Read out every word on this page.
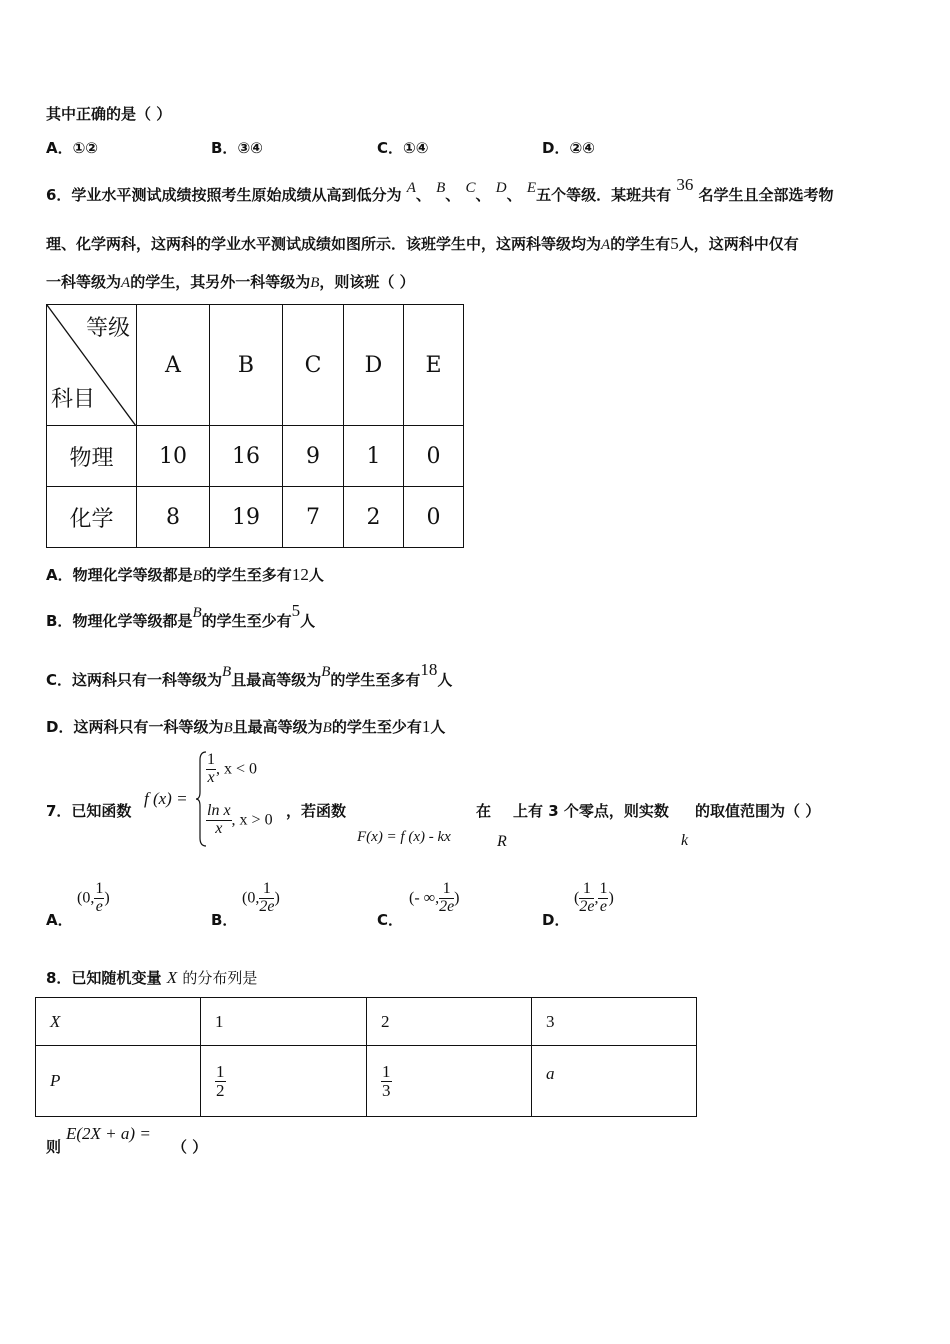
其中正确的是（ ）
A．①②	B．③④	C．①④	D．②④
6．学业水平测试成绩按照考生原始成绩从高到低分为 A、 B、 C、 D、 E五个等级．某班共有 36 名学生且全部选考物
理、化学两科，这两科的学业水平测试成绩如图所示．该班学生中，这两科等级均为A的学生有5人，这两科中仅有
一科等级为A的学生，其另外一科等级为B，则该班（ ）
等级
科目	A	B	C	D	E
物理	10	16	9	1	0
化学	8	19	7	2	0
A．物理化学等级都是B的学生至多有12人
B．物理化学等级都是B的学生至少有5人
C．这两科只有一科等级为B且最高等级为B的学生至多有18人
D．这两科只有一科等级为B且最高等级为B的学生至少有1人
7．已知函数
f (x) =
$\frac{1}{x}$ , x < 0
$\frac{\text{ln x}}{x}$ , x > 0 ，若函数
F(x) = f (x) - kx
在
R
上有 3 个零点，则实数
k
的取值范围为（ ）
A．
(0, $\frac{1}{e}$ )
B．
(0, $\frac{1}{2e}$ )
C．
(- ∞, $\frac{1}{2e}$ )
D．
( $\frac{1}{2e}$ , $\frac{1}{e}$ )
8．已知随机变量 X 的分布列是
X	1	2	3
P	$\frac{1}{2}$	$\frac{1}{3}$	a
则
E(2X + a) =
（ ）
